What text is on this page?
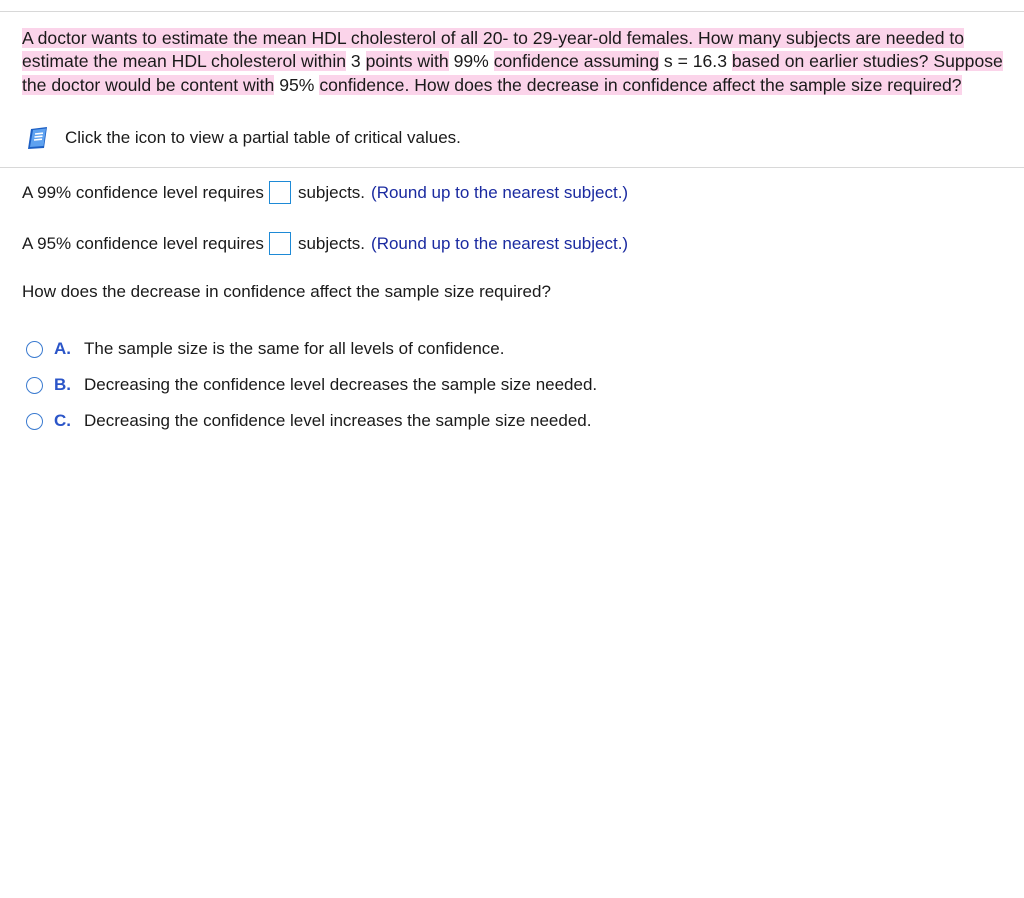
A doctor wants to estimate the mean HDL cholesterol of all 20- to 29-year-old females. How many subjects are needed to estimate the mean HDL cholesterol within 3 points with 99% confidence assuming s = 16.3 based on earlier studies? Suppose the doctor would be content with 95% confidence. How does the decrease in confidence affect the sample size required?
Click the icon to view a partial table of critical values.
A 99% confidence level requires subjects. (Round up to the nearest subject.)
A 95% confidence level requires subjects. (Round up to the nearest subject.)
How does the decrease in confidence affect the sample size required?
A. The sample size is the same for all levels of confidence.
B. Decreasing the confidence level decreases the sample size needed.
C. Decreasing the confidence level increases the sample size needed.
